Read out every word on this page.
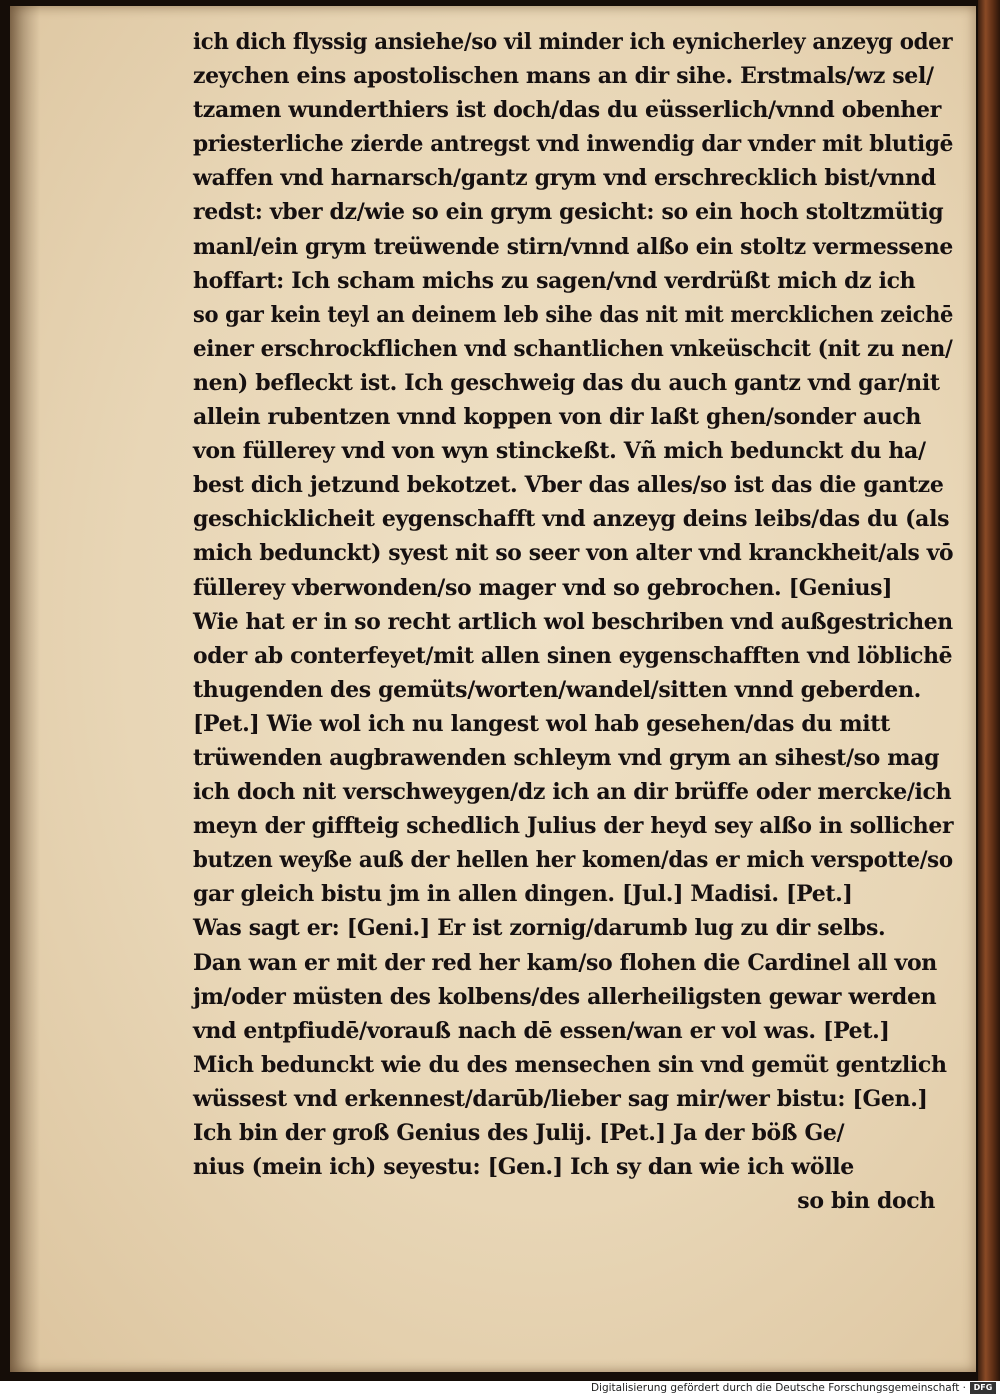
ich dich flyssig ansiehe/so vil minder ich eynicherley anzeyg oder
zeychen eins apostolischen mans an dir sihe. Erstmals/wz sel/
tzamen wunderthiers ist doch/das du eüsserlich/vnnd obenher
priesterliche zierde antregst vnd inwendig dar vnder mit blutigē
waffen vnd harnarsch/gantz grym vnd erschrecklich bist/vnnd
redst: vber dz/wie so ein grym gesicht: so ein hoch stoltzmütig
manl/ein grym treüwende stirn/vnnd alßo ein stoltz vermessene
hoffart: Ich scham michs zu sagen/vnd verdrüßt mich dz ich
so gar kein teyl an deinem leb sihe das nit mit mercklichen zeichē
einer erschrockflichen vnd schantlichen vnkeüschcit (nit zu nen/
nen) befleckt ist. Ich geschweig das du auch gantz vnd gar/nit
allein rubentzen vnnd koppen von dir laßt ghen/sonder auch
von füllerey vnd von wyn stinckeßt. Vñ mich bedunckt du ha/
best dich jetzund bekotzet. Vber das alles/so ist das die gantze
geschicklicheit eygenschafft vnd anzeyg deins leibs/das du (als
mich bedunckt) syest nit so seer von alter vnd kranckheit/als vō
füllerey vberwonden/so mager vnd so gebrochen. [Genius]
Wie hat er in so recht artlich wol beschriben vnd außgestrichen
oder ab conterfeyet/mit allen sinen eygenschafften vnd löblichē
thugenden des gemüts/worten/wandel/sitten vnnd geberden.
[Pet.] Wie wol ich nu langest wol hab gesehen/das du mitt
trüwenden augbrawenden schleym vnd grym an sihest/so mag
ich doch nit verschweygen/dz ich an dir brüffe oder mercke/ich
meyn der giffteig schedlich Julius der heyd sey alßo in sollicher
butzen weyße auß der hellen her komen/das er mich verspotte/so
gar gleich bistu jm in allen dingen. [Jul.] Madisi. [Pet.]
Was sagt er: [Geni.] Er ist zornig/darumb lug zu dir selbs.
Dan wan er mit der red her kam/so flohen die Cardinel all von
jm/oder müsten des kolbens/des allerheiligsten gewar werden
vnd entpfiudē/vorauß nach dē essen/wan er vol was. [Pet.]
Mich bedunckt wie du des mensechen sin vnd gemüt gentzlich
wüssest vnd erkennest/darūb/lieber sag mir/wer bistu: [Gen.]
Ich bin der groß Genius des Julij. [Pet.] Ja der böß Ge/
nius (mein ich) seyestu: [Gen.] Ich sy dan wie ich wölle
so bin doch
Digitalisierung gefördert durch die Deutsche Forschungsgemeinschaft · DFG
